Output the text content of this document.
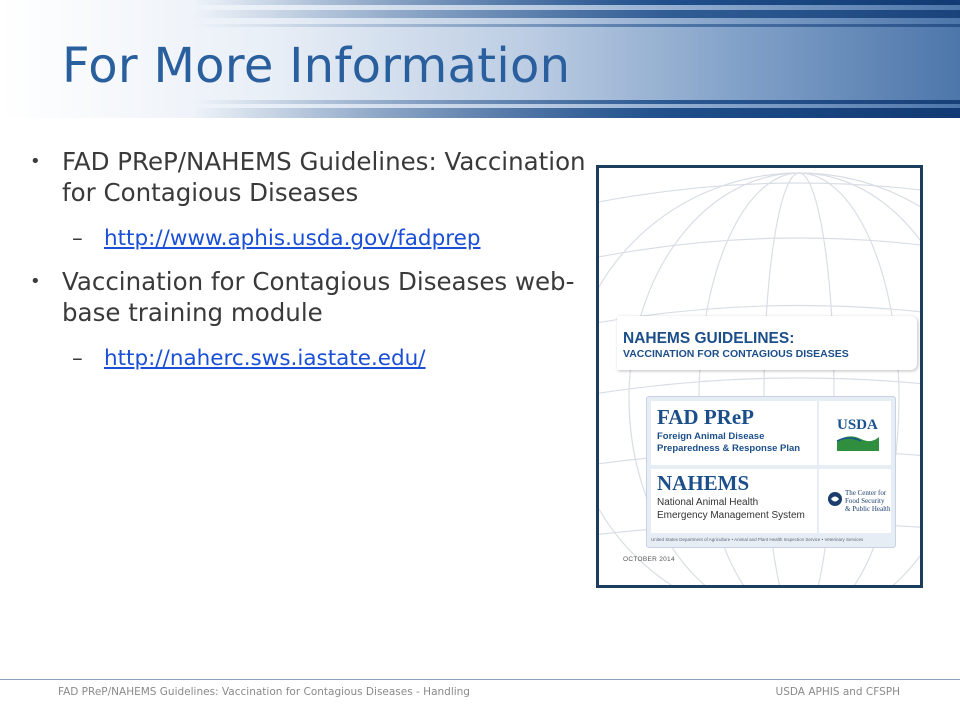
For More Information
• FAD PReP/NAHEMS Guidelines: Vaccination for Contagious Diseases
– http://www.aphis.usda.gov/fadprep
• Vaccination for Contagious Diseases web-base training module
– http://naherc.sws.iastate.edu/
NAHEMS GUIDELINES:
VACCINATION FOR CONTAGIOUS DISEASES
FAD PReP
Foreign Animal Disease
Preparedness & Response Plan
USDA
NAHEMS
National Animal Health
Emergency Management System
The Center for
Food Security
& Public Health
United States Department of Agriculture • Animal and Plant Health Inspection Service • Veterinary Services
OCTOBER 2014
FAD PReP/NAHEMS Guidelines: Vaccination for Contagious Diseases - Handling	USDA APHIS and CFSPH
